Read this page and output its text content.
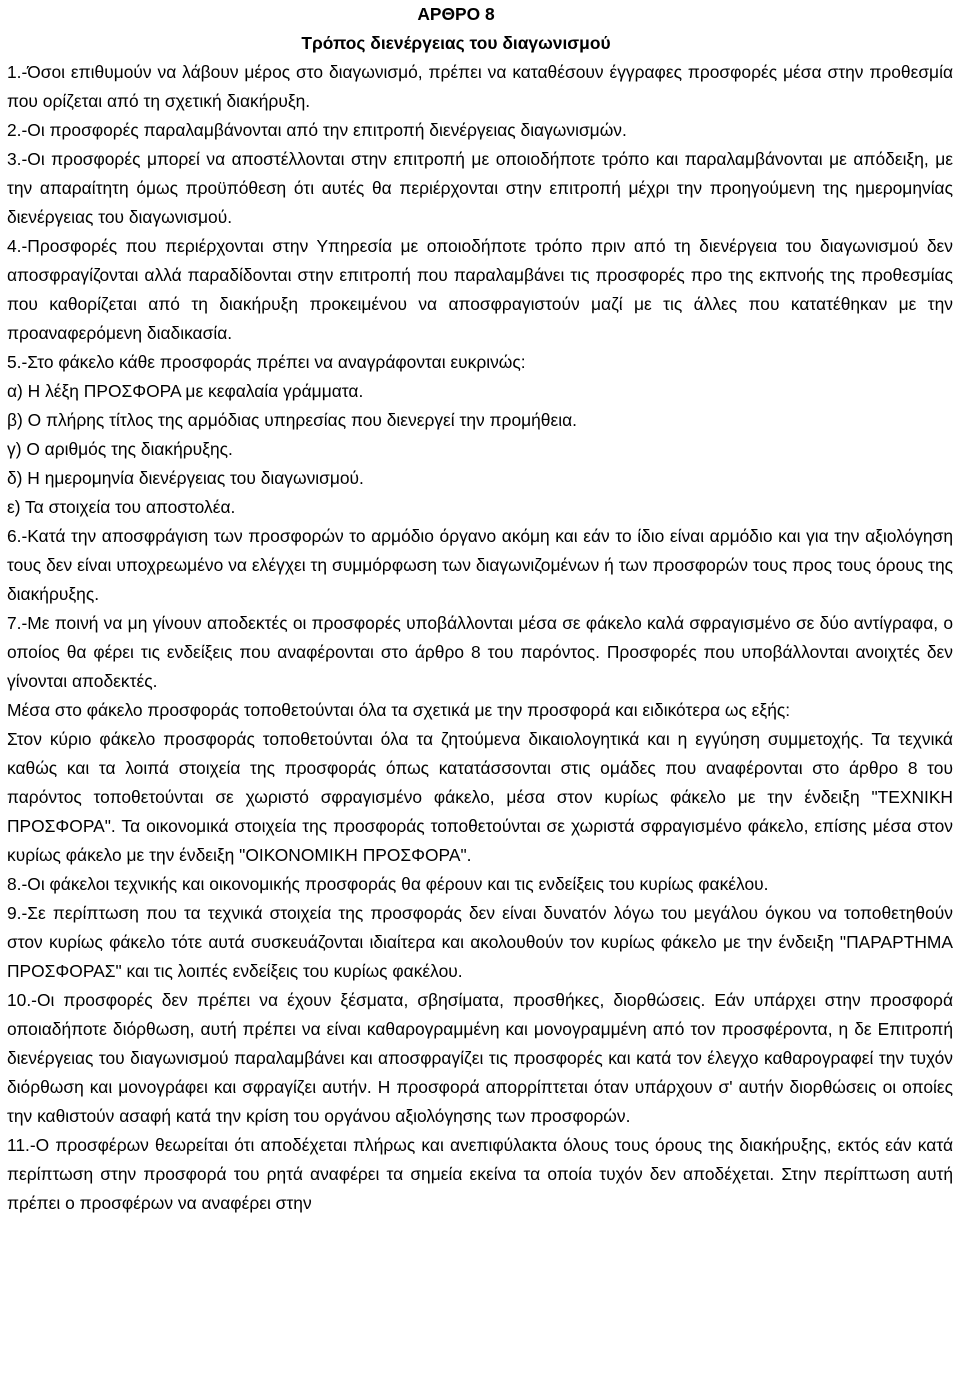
ΑΡΘΡΟ 8

Τρόπος διενέργειας του διαγωνισμού

1.-Όσοι επιθυμούν να λάβουν μέρος στο διαγωνισμό, πρέπει να καταθέσουν έγγραφες προσφορές μέσα στην προθεσμία που ορίζεται από τη σχετική διακήρυξη.

2.-Οι προσφορές παραλαμβάνονται από την επιτροπή διενέργειας διαγωνισμών.

3.-Οι προσφορές μπορεί να αποστέλλονται στην επιτροπή με οποιοδήποτε τρόπο και παραλαμβάνονται με απόδειξη, με την απαραίτητη όμως προϋπόθεση ότι αυτές θα περιέρχονται στην επιτροπή μέχρι την προηγούμενη της ημερομηνίας διενέργειας του διαγωνισμού.

4.-Προσφορές που περιέρχονται στην Υπηρεσία με οποιοδήποτε τρόπο πριν από τη διενέργεια του διαγωνισμού δεν αποσφραγίζονται αλλά παραδίδονται στην επιτροπή που παραλαμβάνει τις προσφορές προ της εκπνοής της προθεσμίας που καθορίζεται από τη διακήρυξη προκειμένου να αποσφραγιστούν μαζί με τις άλλες που κατατέθηκαν με την προαναφερόμενη διαδικασία.

5.-Στο φάκελο κάθε προσφοράς πρέπει να αναγράφονται ευκρινώς:

α) Η λέξη ΠΡΟΣΦΟΡΑ με κεφαλαία γράμματα.

β) Ο πλήρης τίτλος της αρμόδιας υπηρεσίας που διενεργεί την προμήθεια.

γ) Ο αριθμός της διακήρυξης.

δ) Η ημερομηνία διενέργειας του διαγωνισμού.

ε) Τα στοιχεία του αποστολέα.

6.-Κατά την αποσφράγιση των προσφορών το αρμόδιο όργανο ακόμη και εάν το ίδιο είναι αρμόδιο και για την αξιολόγηση τους δεν είναι υποχρεωμένο να ελέγχει τη συμμόρφωση των διαγωνιζομένων ή των προσφορών τους προς τους όρους της διακήρυξης.

7.-Με ποινή να μη γίνουν αποδεκτές οι προσφορές υποβάλλονται μέσα σε φάκελο καλά σφραγισμένο σε δύο αντίγραφα, ο οποίος θα φέρει τις ενδείξεις που αναφέρονται στο άρθρο 8 του παρόντος. Προσφορές που υποβάλλονται ανοιχτές δεν γίνονται αποδεκτές.

Μέσα στο φάκελο προσφοράς τοποθετούνται όλα τα σχετικά με την προσφορά και ειδικότερα ως εξής:

Στον κύριο φάκελο προσφοράς τοποθετούνται όλα τα ζητούμενα δικαιολογητικά και η εγγύηση συμμετοχής. Τα τεχνικά καθώς και τα λοιπά στοιχεία της προσφοράς όπως κατατάσσονται στις ομάδες που αναφέρονται στο άρθρο 8 του παρόντος τοποθετούνται σε χωριστό σφραγισμένο φάκελο, μέσα στον κυρίως φάκελο με την ένδειξη "ΤΕΧΝΙΚΗ ΠΡΟΣΦΟΡΑ". Τα οικονομικά στοιχεία της προσφοράς τοποθετούνται σε χωριστά σφραγισμένο φάκελο, επίσης μέσα στον κυρίως φάκελο με την ένδειξη "ΟΙΚΟΝΟΜΙΚΗ ΠΡΟΣΦΟΡΑ".

8.-Οι φάκελοι τεχνικής και οικονομικής προσφοράς θα φέρουν και τις ενδείξεις του κυρίως φακέλου.

9.-Σε περίπτωση που τα τεχνικά στοιχεία της προσφοράς δεν είναι δυνατόν λόγω του μεγάλου όγκου να τοποθετηθούν στον κυρίως φάκελο τότε αυτά συσκευάζονται ιδιαίτερα και ακολουθούν τον κυρίως φάκελο με την ένδειξη "ΠΑΡΑΡΤΗΜΑ ΠΡΟΣΦΟΡΑΣ" και τις λοιπές ενδείξεις του κυρίως φακέλου.

10.-Οι προσφορές δεν πρέπει να έχουν ξέσματα, σβησίματα, προσθήκες, διορθώσεις. Εάν υπάρχει στην προσφορά οποιαδήποτε διόρθωση, αυτή πρέπει να είναι καθαρογραμμένη και μονογραμμένη από τον προσφέροντα, η δε Επιτροπή διενέργειας του διαγωνισμού παραλαμβάνει και αποσφραγίζει τις προσφορές και κατά τον έλεγχο καθαρογραφεί την τυχόν διόρθωση και μονογράφει και σφραγίζει αυτήν. Η προσφορά απορρίπτεται όταν υπάρχουν σ' αυτήν διορθώσεις οι οποίες την καθιστούν ασαφή κατά την κρίση του οργάνου αξιολόγησης των προσφορών.

11.-Ο προσφέρων θεωρείται ότι αποδέχεται πλήρως και ανεπιφύλακτα όλους τους όρους της διακήρυξης, εκτός εάν κατά περίπτωση στην προσφορά του ρητά αναφέρει τα σημεία εκείνα τα οποία τυχόν δεν αποδέχεται. Στην περίπτωση αυτή πρέπει ο προσφέρων να αναφέρει στην
